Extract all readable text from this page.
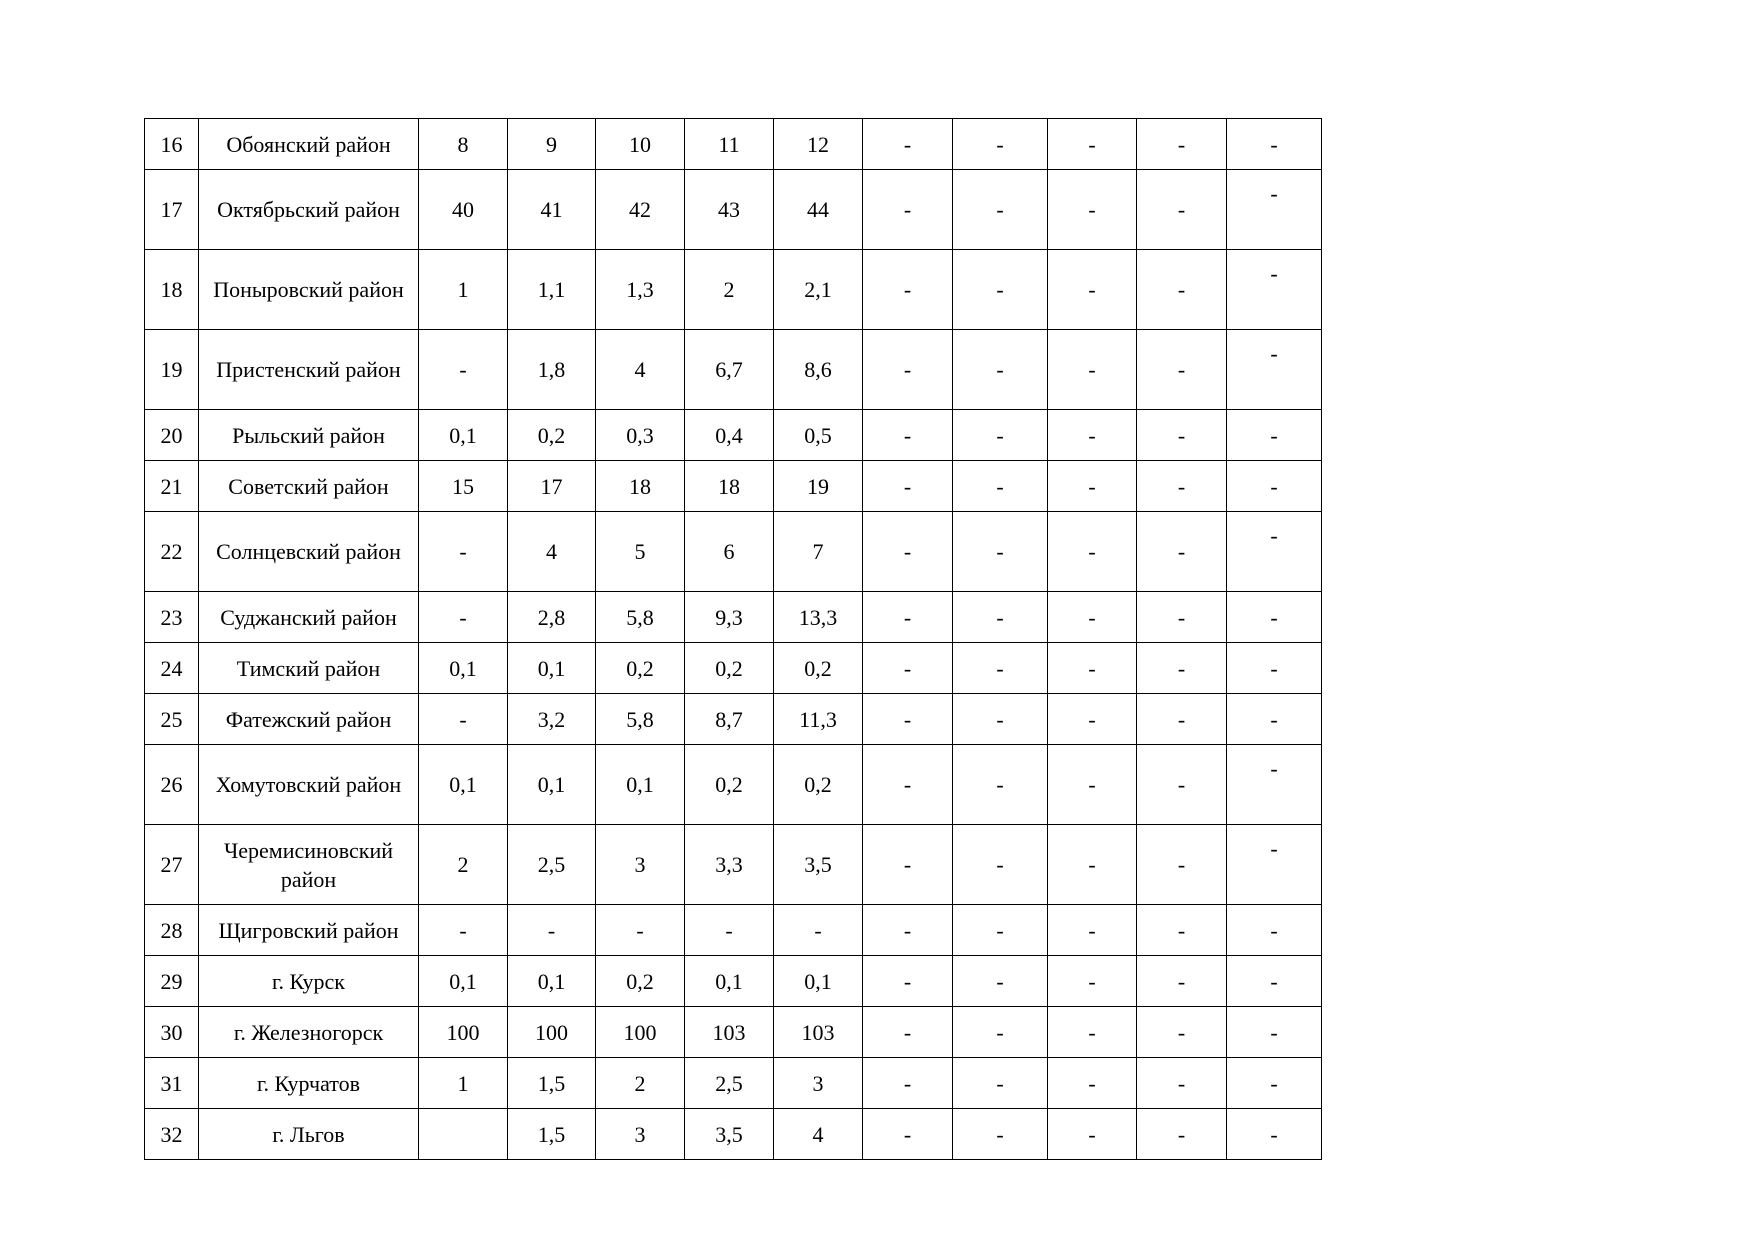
16	Обоянский район	8	9	10	11	12	-	-	-	-	-
17	Октябрьский район	40	41	42	43	44	-	-	-	-	-
18	Поныровский район	1	1,1	1,3	2	2,1	-	-	-	-	-
19	Пристенский район	-	1,8	4	6,7	8,6	-	-	-	-	-
20	Рыльский район	0,1	0,2	0,3	0,4	0,5	-	-	-	-	-
21	Советский район	15	17	18	18	19	-	-	-	-	-
22	Солнцевский район	-	4	5	6	7	-	-	-	-	-
23	Суджанский район	-	2,8	5,8	9,3	13,3	-	-	-	-	-
24	Тимский район	0,1	0,1	0,2	0,2	0,2	-	-	-	-	-
25	Фатежский район	-	3,2	5,8	8,7	11,3	-	-	-	-	-
26	Хомутовский район	0,1	0,1	0,1	0,2	0,2	-	-	-	-	-
27	Черемисиновский район	2	2,5	3	3,3	3,5	-	-	-	-	-
28	Щигровский район	-	-	-	-	-	-	-	-	-	-
29	г. Курск	0,1	0,1	0,2	0,1	0,1	-	-	-	-	-
30	г. Железногорск	100	100	100	103	103	-	-	-	-	-
31	г. Курчатов	1	1,5	2	2,5	3	-	-	-	-	-
32	г. Льгов		1,5	3	3,5	4	-	-	-	-	-
